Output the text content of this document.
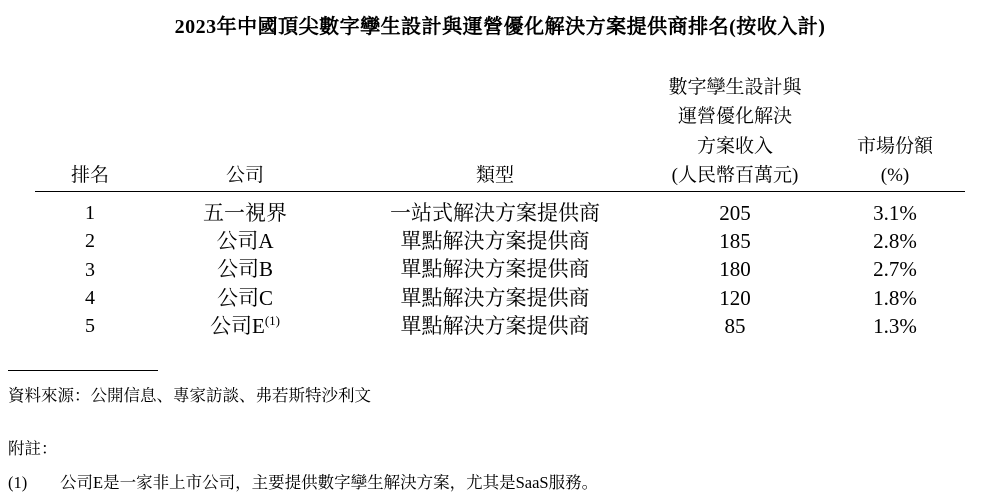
2023年中國頂尖數字孿生設計與運營優化解決方案提供商排名(按收入計)
排名	公司	類型	數字孿生設計與
運營優化解決
方案收入
(人民幣百萬元)	市場份額
(%)

1	五一視界	一站式解決方案提供商	205	3.1%
2	公司A	單點解決方案提供商	185	2.8%
3	公司B	單點解決方案提供商	180	2.7%
4	公司C	單點解決方案提供商	120	1.8%
5	公司$E^{(1)}$	單點解決方案提供商	85	1.3%
資料來源：公開信息、專家訪談、弗若斯特沙利文
附註：
(1)	公司E是一家非上市公司，主要提供數字孿生解決方案，尤其是SaaS服務。
